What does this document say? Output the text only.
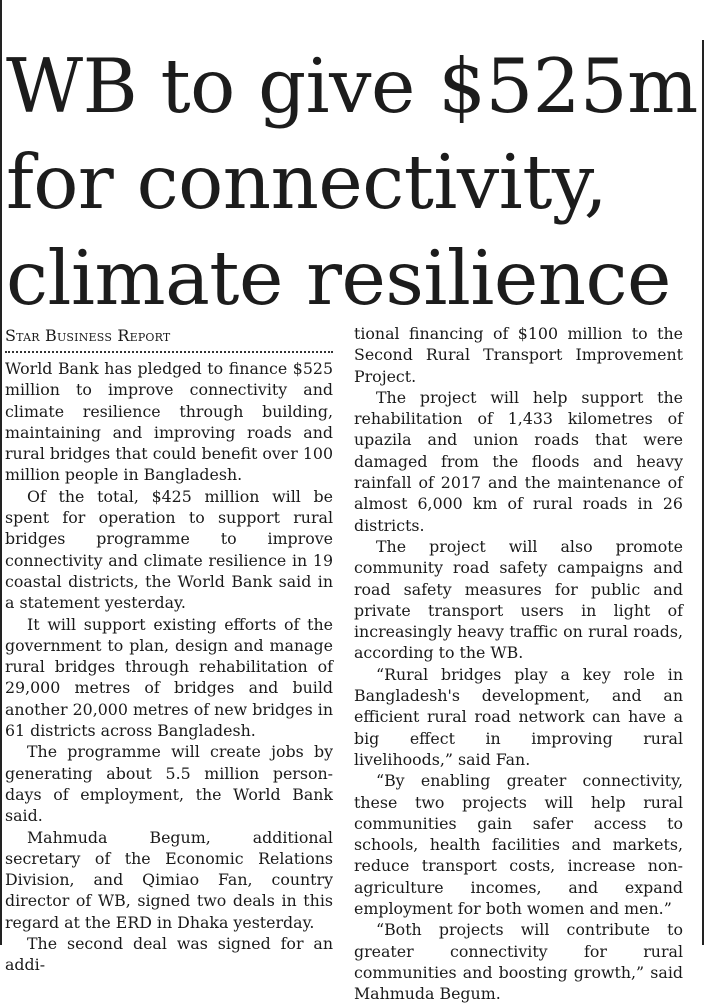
WB to give $525m
for connectivity,
climate resilience
Star Business Report

World Bank has pledged to finance $525 million to improve connectivity and climate resilience through building, maintaining and improving roads and rural bridges that could benefit over 100 million people in Bangladesh.

Of the total, $425 million will be spent for operation to support rural bridges programme to improve connectivity and climate resilience in 19 coastal districts, the World Bank said in a statement yesterday.

It will support existing efforts of the government to plan, design and manage rural bridges through rehabilitation of 29,000 metres of bridges and build another 20,000 metres of new bridges in 61 districts across Bangladesh.

The programme will create jobs by generating about 5.5 million person-days of employment, the World Bank said.

Mahmuda Begum, additional secretary of the Economic Relations Division, and Qimiao Fan, country director of WB, signed two deals in this regard at the ERD in Dhaka yesterday.

The second deal was signed for an addi-

tional financing of $100 million to the Second Rural Transport Improvement Project.

The project will help support the rehabilitation of 1,433 kilometres of upazila and union roads that were damaged from the floods and heavy rainfall of 2017 and the maintenance of almost 6,000 km of rural roads in 26 districts.

The project will also promote community road safety campaigns and road safety measures for public and private transport users in light of increasingly heavy traffic on rural roads, according to the WB.

“Rural bridges play a key role in Bangladesh's development, and an efficient rural road network can have a big effect in improving rural livelihoods,” said Fan.

“By enabling greater connectivity, these two projects will help rural communities gain safer access to schools, health facilities and markets, reduce transport costs, increase non-agriculture incomes, and expand employment for both women and men.”

“Both projects will contribute to greater connectivity for rural communities and boosting growth,” said Mahmuda Begum.
